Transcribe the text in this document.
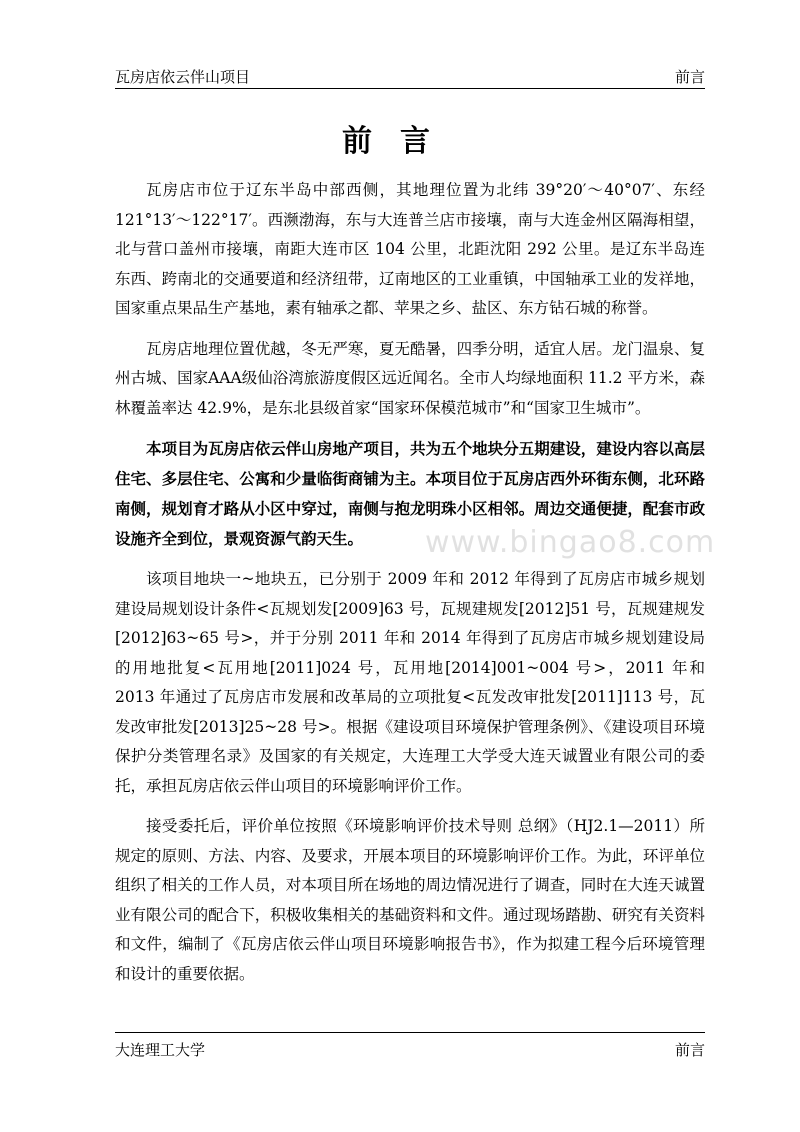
瓦房店依云伴山项目	前言
前言

瓦房店市位于辽东半岛中部西侧，其地理位置为北纬 39°20′～40°07′、东经 121°13′～122°17′。西濒渤海，东与大连普兰店市接壤，南与大连金州区隔海相望，北与营口盖州市接壤，南距大连市区 104 公里，北距沈阳 292 公里。是辽东半岛连东西、跨南北的交通要道和经济纽带，辽南地区的工业重镇，中国轴承工业的发祥地，国家重点果品生产基地，素有轴承之都、苹果之乡、盐区、东方钻石城的称誉。

瓦房店地理位置优越，冬无严寒，夏无酷暑，四季分明，适宜人居。龙门温泉、复州古城、国家AAA级仙浴湾旅游度假区远近闻名。全市人均绿地面积 11.2 平方米，森林覆盖率达 42.9%，是东北县级首家“国家环保模范城市”和“国家卫生城市”。

本项目为瓦房店依云伴山房地产项目，共为五个地块分五期建设，建设内容以高层住宅、多层住宅、公寓和少量临街商铺为主。本项目位于瓦房店西外环街东侧，北环路南侧，规划育才路从小区中穿过，南侧与抱龙明珠小区相邻。周边交通便捷，配套市政设施齐全到位，景观资源气韵天生。

该项目地块一~地块五，已分别于 2009 年和 2012 年得到了瓦房店市城乡规划建设局规划设计条件<瓦规划发[2009]63 号，瓦规建规发[2012]51 号，瓦规建规发[2012]63~65 号>，并于分别 2011 年和 2014 年得到了瓦房店市城乡规划建设局的用地批复<瓦用地[2011]024 号，瓦用地[2014]001~004 号>，2011 年和 2013 年通过了瓦房店市发展和改革局的立项批复<瓦发改审批发[2011]113 号，瓦发改审批发[2013]25~28 号>。根据《建设项目环境保护管理条例》、《建设项目环境保护分类管理名录》及国家的有关规定，大连理工大学受大连天诚置业有限公司的委托，承担瓦房店依云伴山项目的环境影响评价工作。

接受委托后，评价单位按照《环境影响评价技术导则 总纲》（HJ2.1—2011）所规定的原则、方法、内容、及要求，开展本项目的环境影响评价工作。为此，环评单位组织了相关的工作人员，对本项目所在场地的周边情况进行了调查，同时在大连天诚置业有限公司的配合下，积极收集相关的基础资料和文件。通过现场踏勘、研究有关资料和文件，编制了《瓦房店依云伴山项目环境影响报告书》，作为拟建工程今后环境管理和设计的重要依据。

www.bingao8.com
大连理工大学	前言
